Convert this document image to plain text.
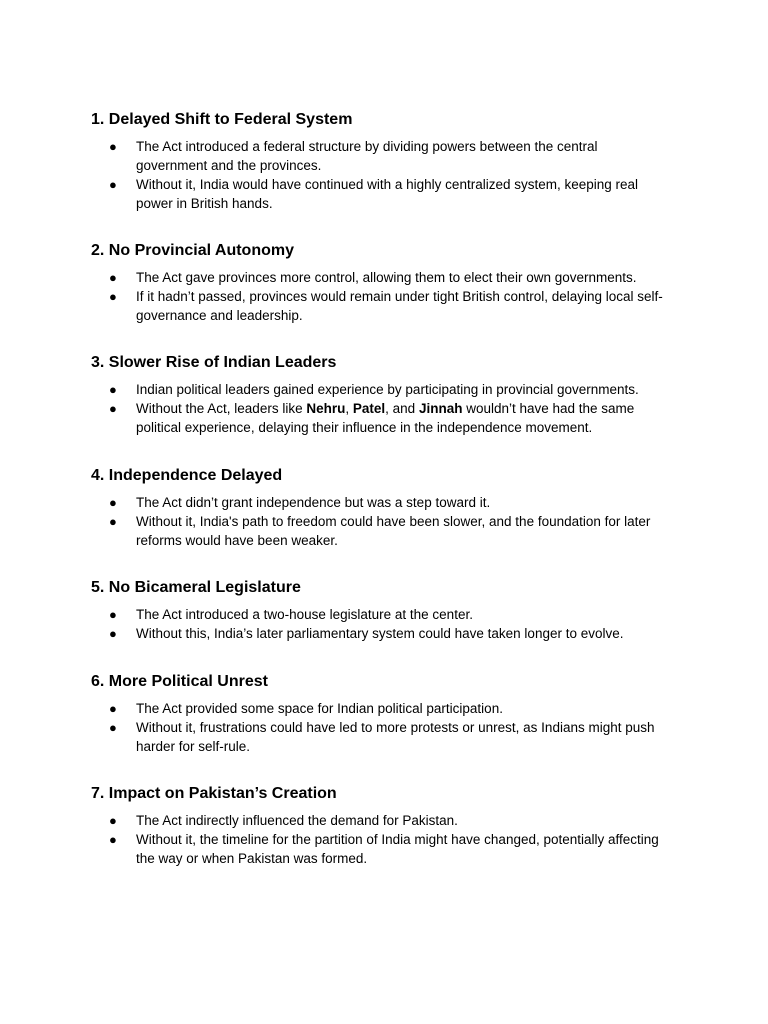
1. Delayed Shift to Federal System
● The Act introduced a federal structure by dividing powers between the central government and the provinces.
● Without it, India would have continued with a highly centralized system, keeping real power in British hands.
2. No Provincial Autonomy
● The Act gave provinces more control, allowing them to elect their own governments.
● If it hadn’t passed, provinces would remain under tight British control, delaying local self-governance and leadership.
3. Slower Rise of Indian Leaders
● Indian political leaders gained experience by participating in provincial governments.
● Without the Act, leaders like Nehru, Patel, and Jinnah wouldn’t have had the same political experience, delaying their influence in the independence movement.
4. Independence Delayed
● The Act didn’t grant independence but was a step toward it.
● Without it, India's path to freedom could have been slower, and the foundation for later reforms would have been weaker.
5. No Bicameral Legislature
● The Act introduced a two-house legislature at the center.
● Without this, India’s later parliamentary system could have taken longer to evolve.
6. More Political Unrest
● The Act provided some space for Indian political participation.
● Without it, frustrations could have led to more protests or unrest, as Indians might push harder for self-rule.
7. Impact on Pakistan’s Creation
● The Act indirectly influenced the demand for Pakistan.
● Without it, the timeline for the partition of India might have changed, potentially affecting the way or when Pakistan was formed.
